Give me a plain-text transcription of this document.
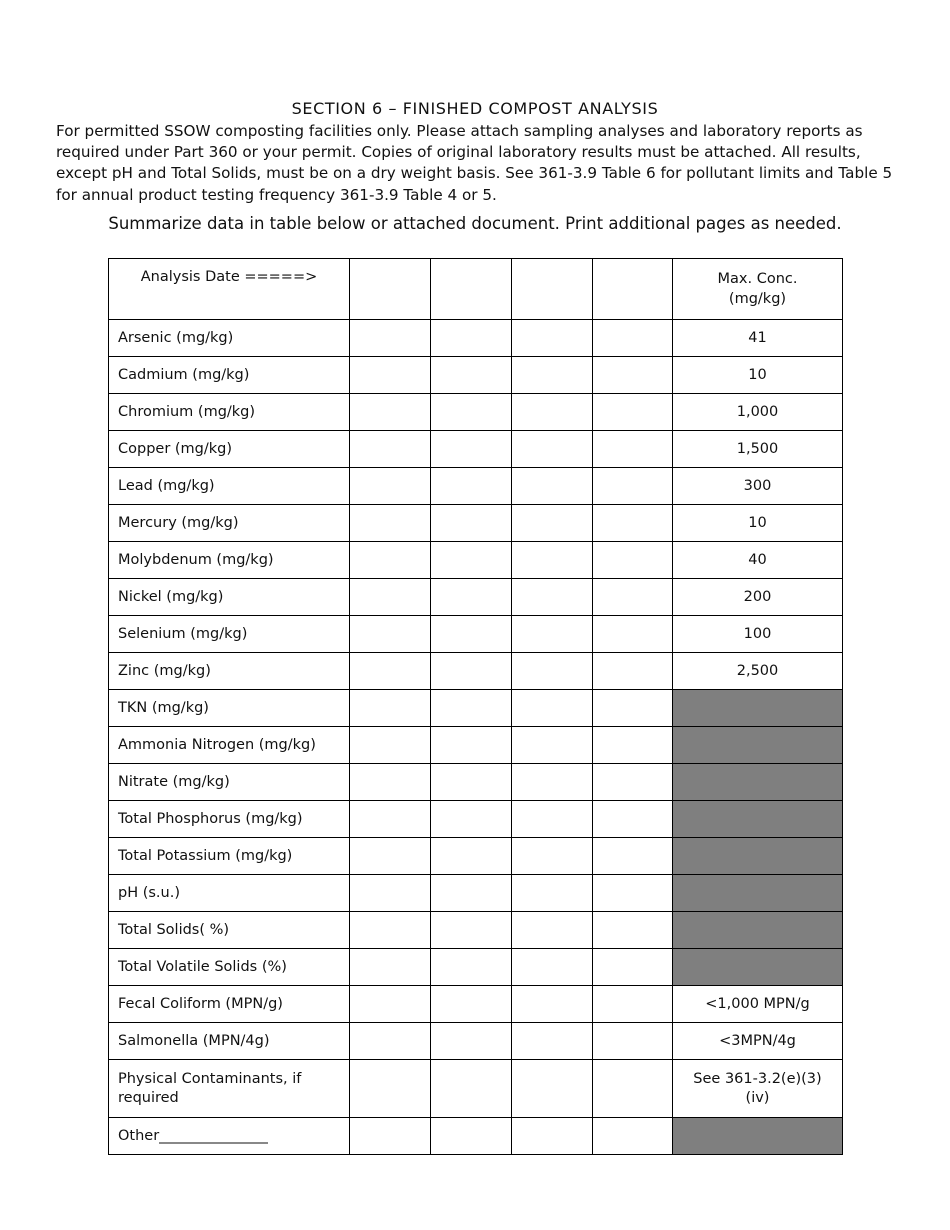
SECTION 6 – FINISHED COMPOST ANALYSIS
For permitted SSOW composting facilities only. Please attach sampling analyses and laboratory reports as required under Part 360 or your permit. Copies of original laboratory results must be attached. All results, except pH and Total Solids, must be on a dry weight basis. See 361-3.9 Table 6 for pollutant limits and Table 5 for annual product testing frequency 361-3.9 Table 4 or 5.
Summarize data in table below or attached document. Print additional pages as needed.
Analysis Date =====>					Max. Conc. (mg/kg)
Arsenic (mg/kg)					41
Cadmium (mg/kg)					10
Chromium (mg/kg)					1,000
Copper (mg/kg)					1,500
Lead (mg/kg)					300
Mercury (mg/kg)					10
Molybdenum (mg/kg)					40
Nickel (mg/kg)					200
Selenium (mg/kg)					100
Zinc (mg/kg)					2,500
TKN (mg/kg)					
Ammonia Nitrogen (mg/kg)					
Nitrate (mg/kg)					
Total Phosphorus (mg/kg)					
Total Potassium (mg/kg)					
pH (s.u.)					
Total Solids( %)					
Total Volatile Solids (%)					
Fecal Coliform (MPN/g)					<1,000 MPN/g
Salmonella (MPN/4g)					<3MPN/4g
Physical Contaminants, if required					See 361-3.2(e)(3)(iv)
Other_______________					
